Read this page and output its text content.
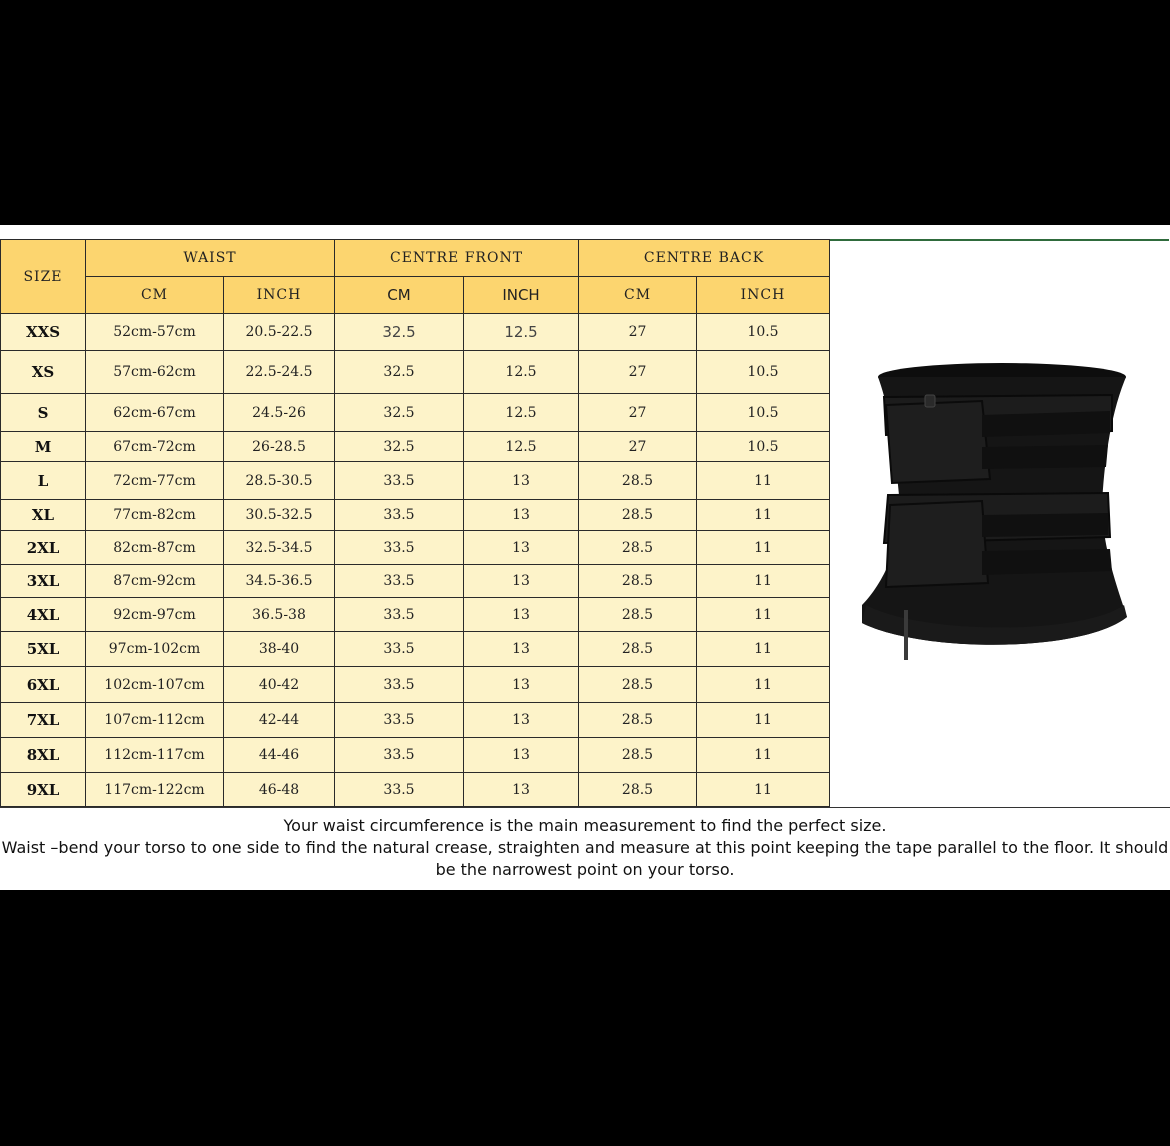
SIZE	WAIST		CENTRE FRONT		CENTRE BACK	
	CM	INCH	CM	INCH	CM	INCH
XXS	52cm-57cm	20.5-22.5	32.5	12.5	27	10.5
XS	57cm-62cm	22.5-24.5	32.5	12.5	27	10.5
S	62cm-67cm	24.5-26	32.5	12.5	27	10.5
M	67cm-72cm	26-28.5	32.5	12.5	27	10.5
L	72cm-77cm	28.5-30.5	33.5	13	28.5	11
XL	77cm-82cm	30.5-32.5	33.5	13	28.5	11
2XL	82cm-87cm	32.5-34.5	33.5	13	28.5	11
3XL	87cm-92cm	34.5-36.5	33.5	13	28.5	11
4XL	92cm-97cm	36.5-38	33.5	13	28.5	11
5XL	97cm-102cm	38-40	33.5	13	28.5	11
6XL	102cm-107cm	40-42	33.5	13	28.5	11
7XL	107cm-112cm	42-44	33.5	13	28.5	11
8XL	112cm-117cm	44-46	33.5	13	28.5	11
9XL	117cm-122cm	46-48	33.5	13	28.5	11

Your waist circumference is the main measurement to find the perfect size.

Waist –bend your torso to one side to find the natural crease, straighten and measure at this point keeping the tape parallel to the floor. It should be the narrowest point on your torso.
